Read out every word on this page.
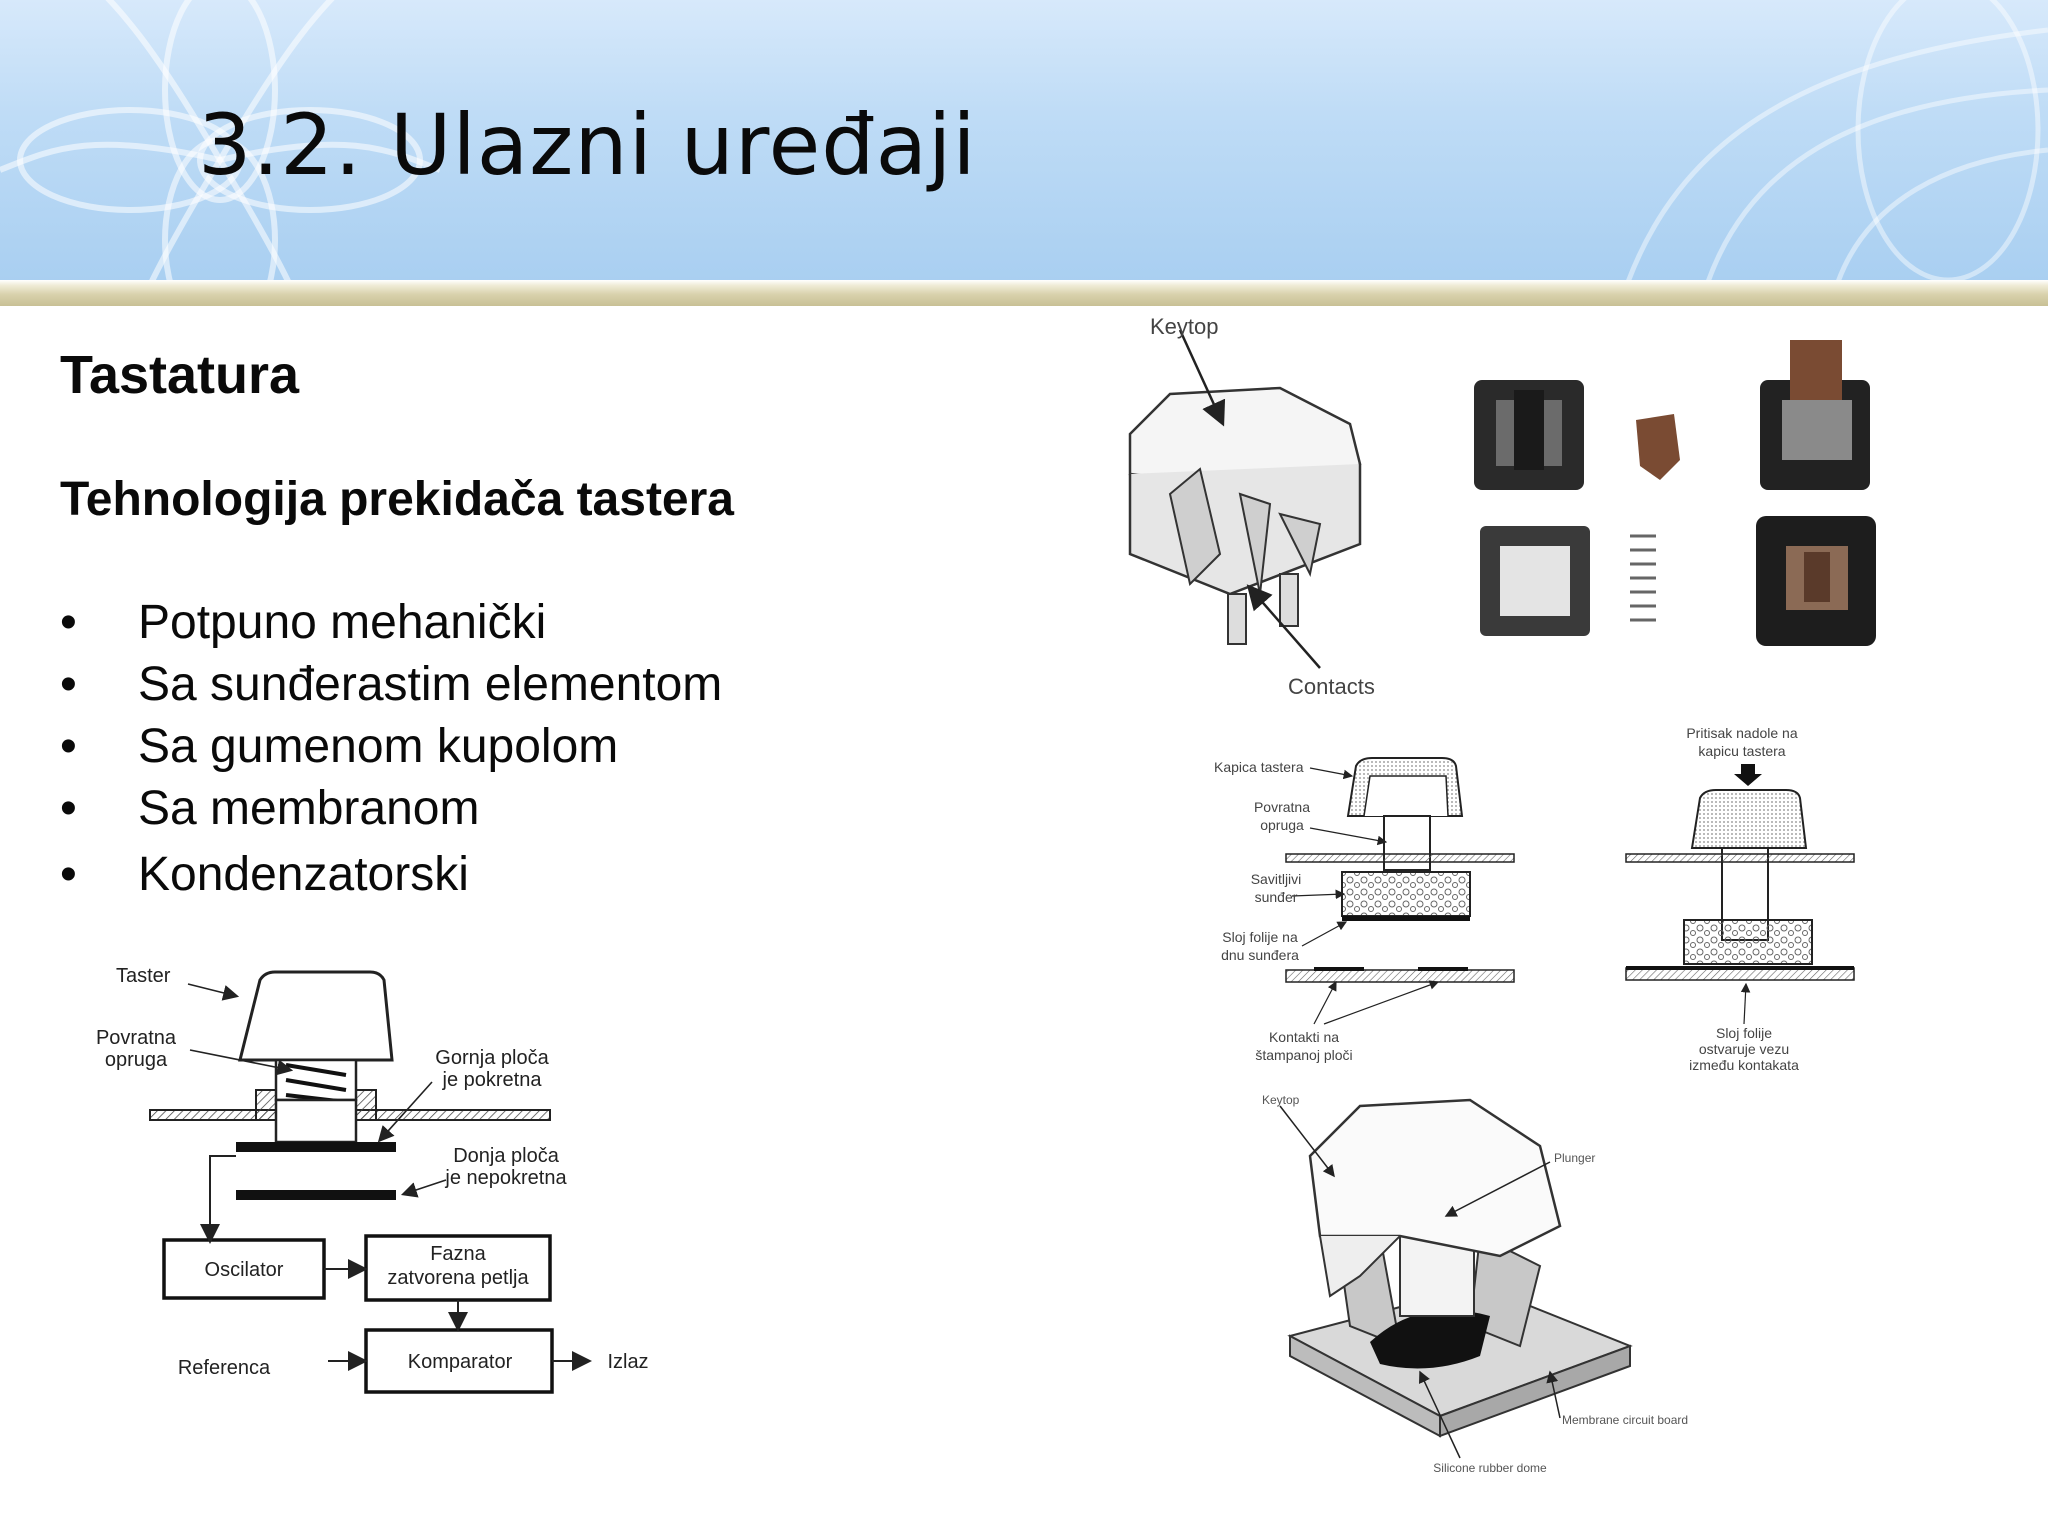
3.2. Ulazni uređaji
Tastatura
Tehnologija prekidača tastera
• Potpuno mehanički
• Sa sunđerastim elementom
• Sa gumenom kupolom
• Sa membranom
• Kondenzatorski
Taster
Povratna
opruga	Gornja ploča
je pokretna
Donja ploča
je nepokretna
Oscilator
Fazna
zatvorena petlja
Komparator
Referenca	Izlaz
Keytop
Contacts
Kapica tastera
Povratna
opruga
Savitljivi
sunđer
Sloj folije na
dnu sunđera
Kontakti na
štampanoj ploči
Pritisak nadole na
kapicu tastera
Sloj folije
ostvaruje vezu
između kontakata
Keytop
Plunger
Membrane circuit board
Silicone rubber dome
